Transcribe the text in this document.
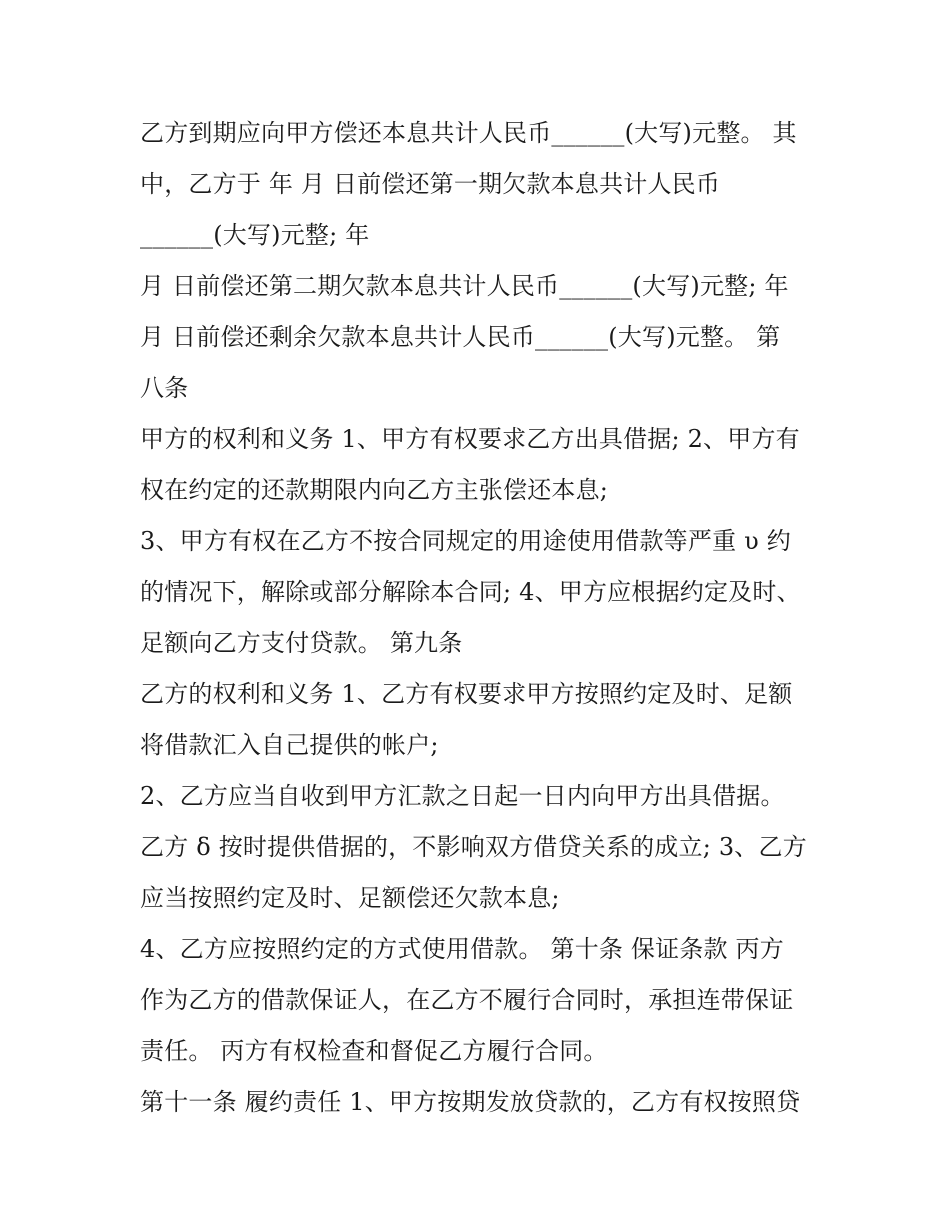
乙方到期应向甲方偿还本息共计人民币______(大写)元整。 其
中，乙方于 年 月 日前偿还第一期欠款本息共计人民币
______(大写)元整; 年
月 日前偿还第二期欠款本息共计人民币______(大写)元整; 年
月 日前偿还剩余欠款本息共计人民币______(大写)元整。 第
八条
甲方的权利和义务 1、甲方有权要求乙方出具借据; 2、甲方有
权在约定的还款期限内向乙方主张偿还本息;
3、甲方有权在乙方不按合同规定的用途使用借款等严重 υ 约
的情况下，解除或部分解除本合同; 4、甲方应根据约定及时、
足额向乙方支付贷款。 第九条
乙方的权利和义务 1、乙方有权要求甲方按照约定及时、足额
将借款汇入自己提供的帐户;
2、乙方应当自收到甲方汇款之日起一日内向甲方出具借据。
乙方 δ 按时提供借据的，不影响双方借贷关系的成立; 3、乙方
应当按照约定及时、足额偿还欠款本息;
4、乙方应按照约定的方式使用借款。 第十条 保证条款 丙方
作为乙方的借款保证人，在乙方不履行合同时，承担连带保证
责任。 丙方有权检查和督促乙方履行合同。
第十一条 履约责任 1、甲方按期发放贷款的，乙方有权按照贷
